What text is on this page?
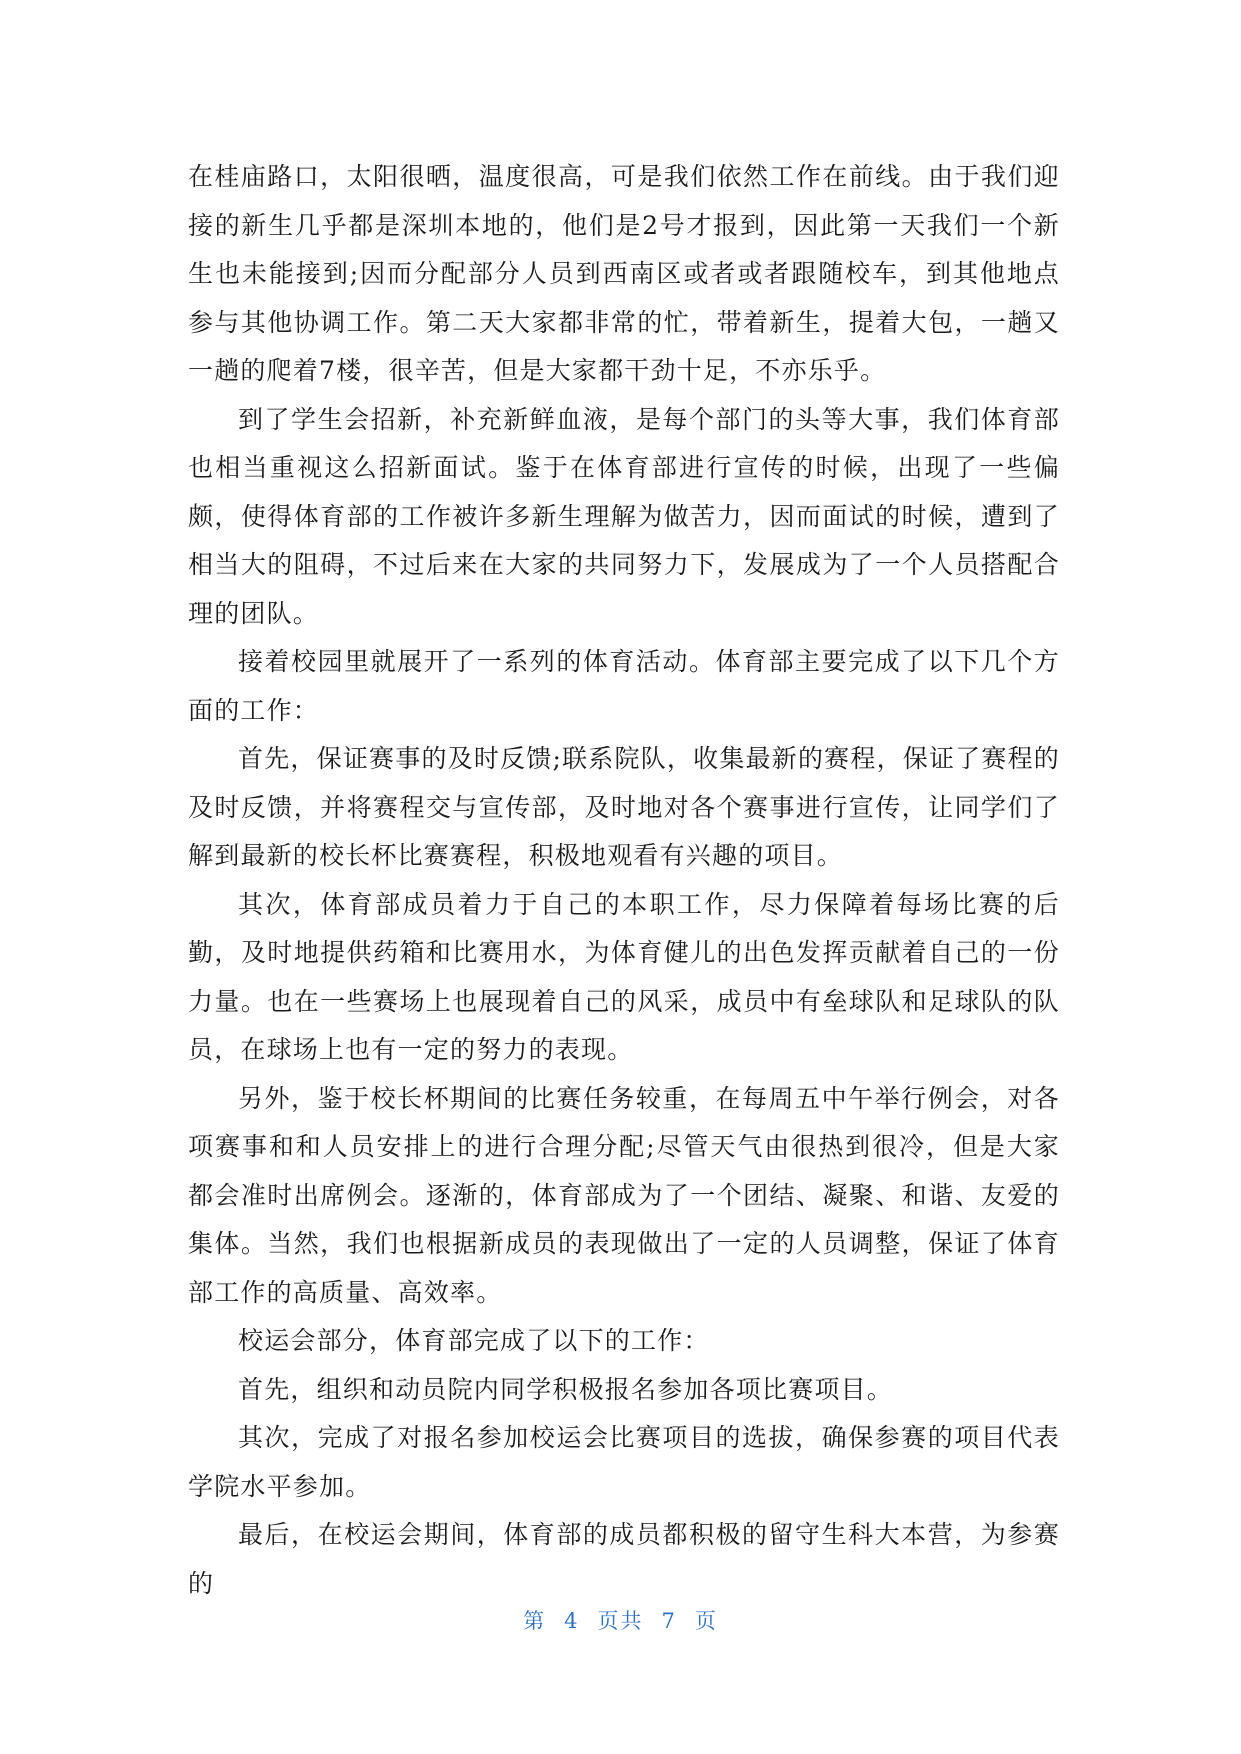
在桂庙路口，太阳很晒，温度很高，可是我们依然工作在前线。由于我们迎接的新生几乎都是深圳本地的，他们是2号才报到，因此第一天我们一个新生也未能接到;因而分配部分人员到西南区或者或者跟随校车，到其他地点参与其他协调工作。第二天大家都非常的忙，带着新生，提着大包，一趟又一趟的爬着7楼，很辛苦，但是大家都干劲十足，不亦乐乎。

到了学生会招新，补充新鲜血液，是每个部门的头等大事，我们体育部也相当重视这么招新面试。鉴于在体育部进行宣传的时候，出现了一些偏颇，使得体育部的工作被许多新生理解为做苦力，因而面试的时候，遭到了相当大的阻碍，不过后来在大家的共同努力下，发展成为了一个人员搭配合理的团队。

接着校园里就展开了一系列的体育活动。体育部主要完成了以下几个方面的工作：

首先，保证赛事的及时反馈;联系院队，收集最新的赛程，保证了赛程的及时反馈，并将赛程交与宣传部，及时地对各个赛事进行宣传，让同学们了解到最新的校长杯比赛赛程，积极地观看有兴趣的项目。

其次，体育部成员着力于自己的本职工作，尽力保障着每场比赛的后勤，及时地提供药箱和比赛用水，为体育健儿的出色发挥贡献着自己的一份力量。也在一些赛场上也展现着自己的风采，成员中有垒球队和足球队的队员，在球场上也有一定的努力的表现。

另外，鉴于校长杯期间的比赛任务较重，在每周五中午举行例会，对各项赛事和和人员安排上的进行合理分配;尽管天气由很热到很冷，但是大家都会准时出席例会。逐渐的，体育部成为了一个团结、凝聚、和谐、友爱的集体。当然，我们也根据新成员的表现做出了一定的人员调整，保证了体育部工作的高质量、高效率。

校运会部分，体育部完成了以下的工作：

首先，组织和动员院内同学积极报名参加各项比赛项目。

其次，完成了对报名参加校运会比赛项目的选拔，确保参赛的项目代表学院水平参加。

最后，在校运会期间，体育部的成员都积极的留守生科大本营，为参赛的

第 4 页共 7 页
